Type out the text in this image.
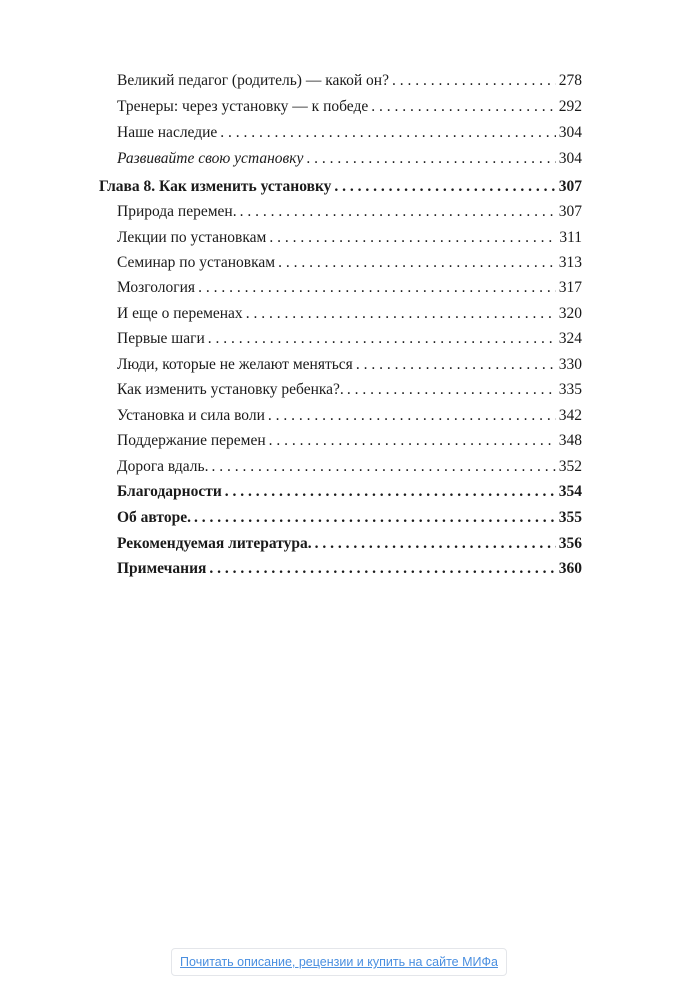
Великий педагог (родитель) — какой он? . . .	278
Тренеры: через установку — к победе . . .	292
Наше наследие . . .	304
Развивайте свою установку . . .	304
Глава 8. Как изменить установку . . .	307
Природа перемен. . . .	307
Лекции по установкам . . .	311
Семинар по установкам . . .	313
Мозгология . . .	317
И еще о переменах . . .	320
Первые шаги . . .	324
Люди, которые не желают меняться . . .	330
Как изменить установку ребенка?. . . .	335
Установка и сила воли . . .	342
Поддержание перемен . . .	348
Дорога вдаль. . . .	352
Благодарности . . .	354
Об авторе. . . .	355
Рекомендуемая литература. . . .	356
Примечания . . .	360
Почитать описание, рецензии и купить на сайте МИФа
